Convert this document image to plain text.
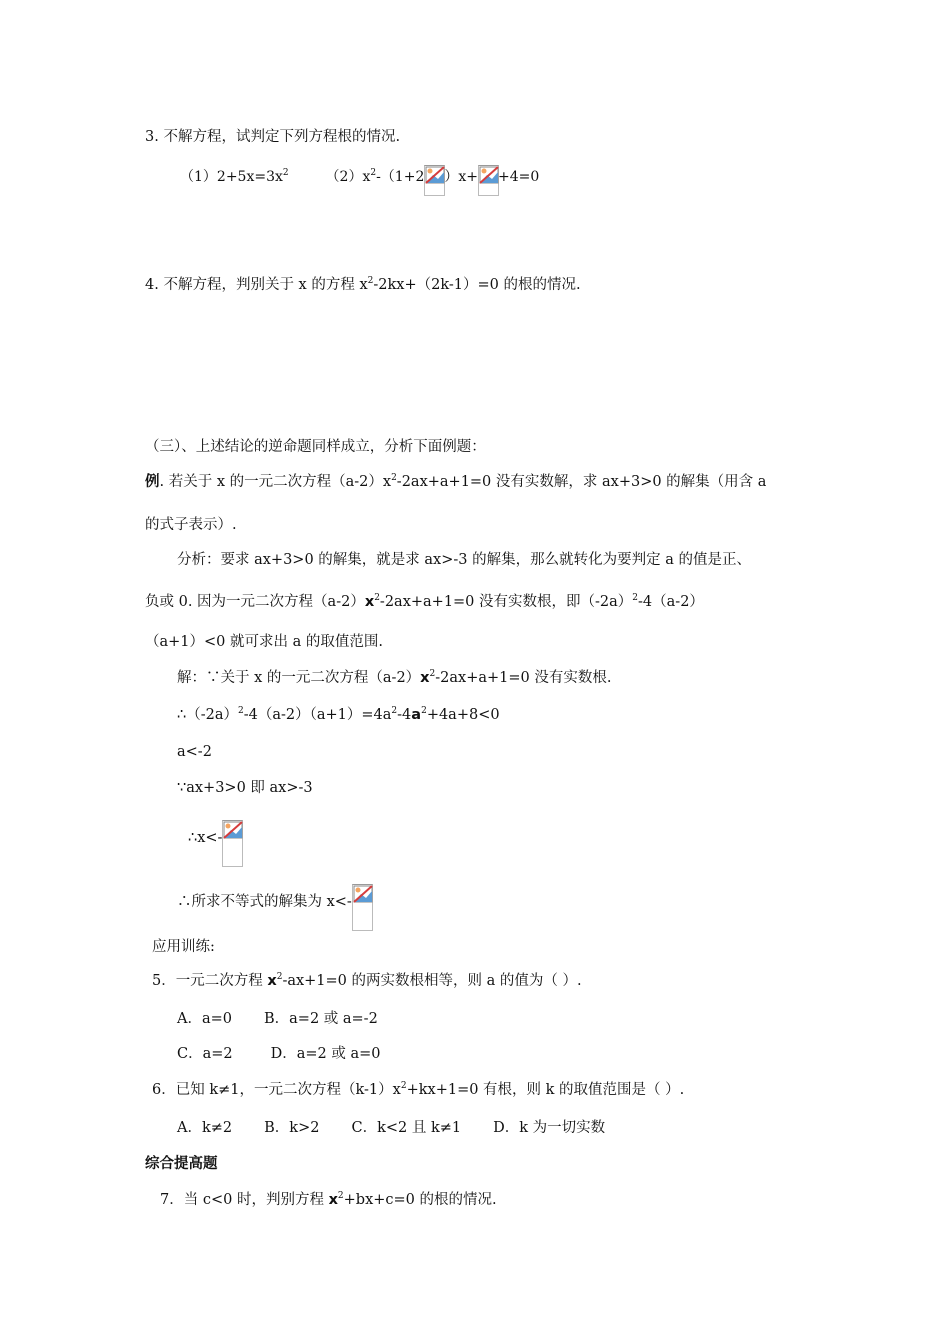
3. 不解方程，试判定下列方程根的情况.
$(1)2+5x=3x^2$	$(2)x^2-(1+2$ ）x+ +4=0
4. 不解方程，判别关于 x 的方程 $x^2-2kx+(2k-1)=0$ 的根的情况.
（三）、上述结论的逆命题同样成立，分析下面例题：
例. 若关于 x 的一元二次方程$(a-2)x^2-2ax+a+1=0$ 没有实数解，求 ax+3>0 的解集（用含 a
的式子表示）.
分析：要求 ax+3>0 的解集，就是求 ax>-3 的解集，那么就转化为要判定 a 的值是正、
负或 0. 因为一元二次方程$(a-2)x^2-2ax+a+1=0$ 没有实数根，即$(-2a)^2-4(a-2)$
（a+1）<0 就可求出 a 的取值范围.
解：∵关于 x 的一元二次方程$(a-2)x^2-2ax+a+1=0$ 没有实数根.
$\therefore(-2a)^2-4(a-2)(a+1)=4a^2-4a^2+4a+8<0$
a<-2
∵ax+3>0 即 ax>-3
∴x<-
∴所求不等式的解集为 x<-
应用训练:
5．一元二次方程 $x^2-ax+1=0$ 的两实数根相等，则 a 的值为（ ）.
A．a=0 B．a=2 或 a=-2
C．a=2	D．a=2 或 a=0
6．已知 k≠1，一元二次方程$(k-1)x^2+kx+1=0$ 有根，则 k 的取值范围是（ ）.
A．k≠2 B．k>2 C．k<2 且 k≠1 D．k 为一切实数
综合提高题
7．当 c<0 时，判别方程 $x^2+bx+c=0$ 的根的情况.
